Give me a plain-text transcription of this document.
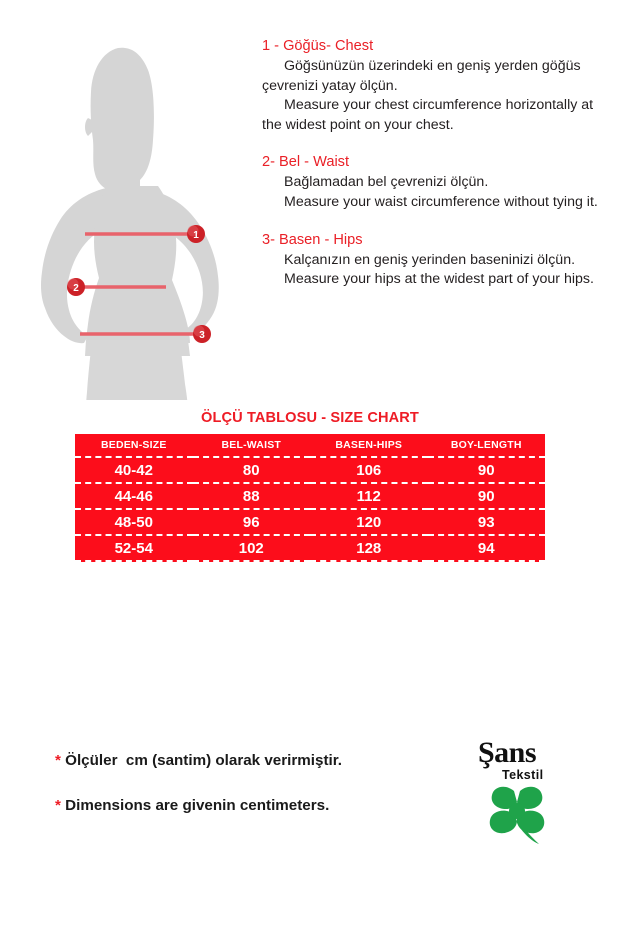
1
2
3

1 - Göğüs- Chest

Göğsünüzün üzerindeki en geniş yerden göğüs çevrenizi yatay ölçün.

Measure your chest circumference horizontally at the widest point on your chest.

2- Bel - Waist

Bağlamadan bel çevrenizi ölçün.

Measure your waist circumference without tying it.

3- Basen - Hips

Kalçanızın en geniş yerinden baseninizi ölçün.

Measure your hips at the widest part of your hips.

ÖLÇÜ TABLOSU - SIZE CHART
BEDEN-SIZE	BEL-WAIST	BASEN-HIPS	BOY-LENGTH
40-42	80	106	90
44-46	88	112	90
48-50	96	120	93
52-54	102	128	94
* Ölçüler  cm (santim) olarak verirmiştir.
* Dimensions are givenin centimeters.
Şans
Tekstil
